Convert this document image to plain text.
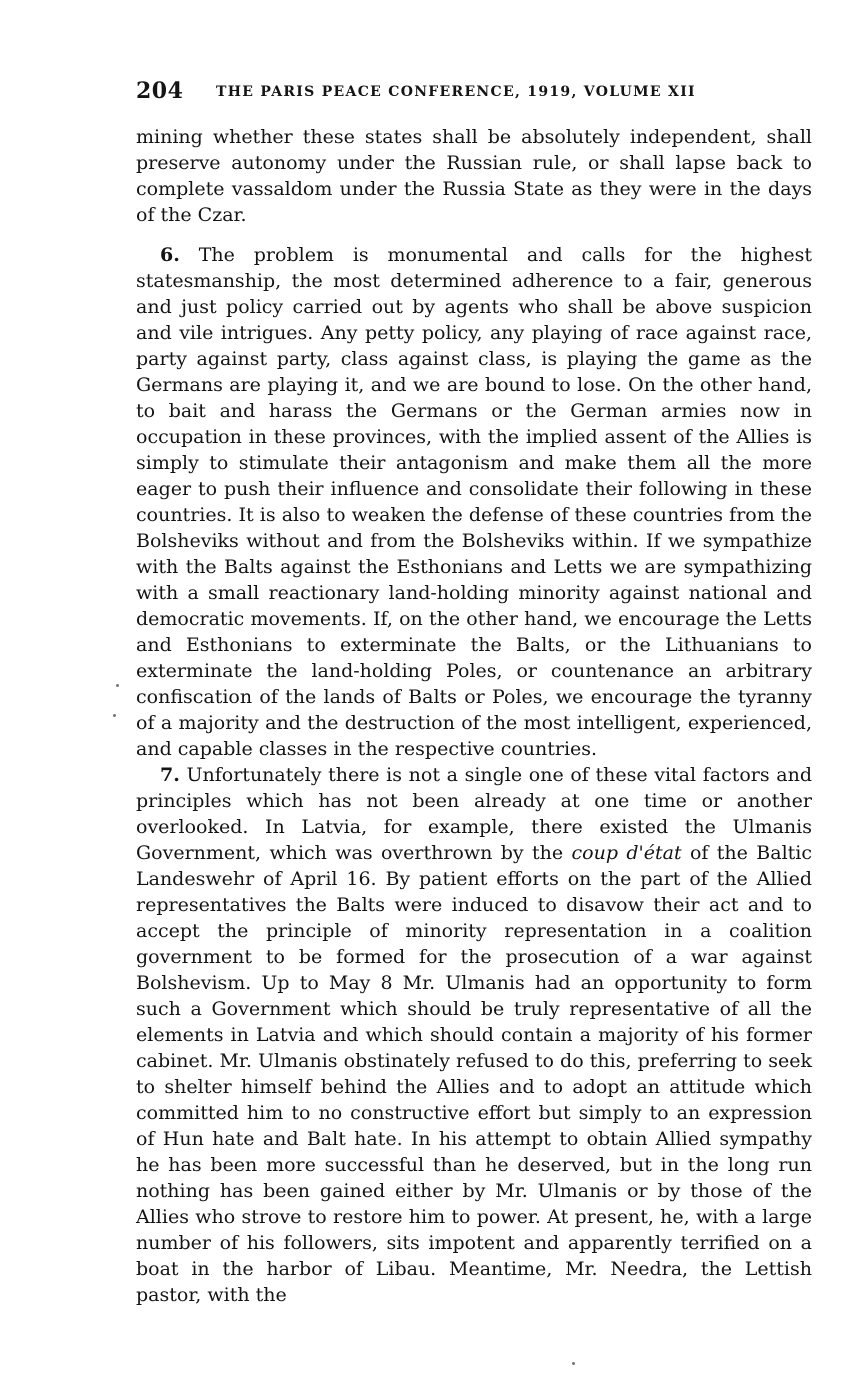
204 THE PARIS PEACE CONFERENCE, 1919, VOLUME XII

mining whether these states shall be absolutely independent, shall preserve autonomy under the Russian rule, or shall lapse back to complete vassaldom under the Russia State as they were in the days of the Czar.

6. The problem is monumental and calls for the highest statesmanship, the most determined adherence to a fair, generous and just policy carried out by agents who shall be above suspicion and vile intrigues. Any petty policy, any playing of race against race, party against party, class against class, is playing the game as the Germans are playing it, and we are bound to lose. On the other hand, to bait and harass the Germans or the German armies now in occupation in these provinces, with the implied assent of the Allies is simply to stimulate their antagonism and make them all the more eager to push their influence and consolidate their following in these countries. It is also to weaken the defense of these countries from the Bolsheviks without and from the Bolsheviks within. If we sympathize with the Balts against the Esthonians and Letts we are sympathizing with a small reactionary land-holding minority against national and democratic movements. If, on the other hand, we encourage the Letts and Esthonians to exterminate the Balts, or the Lithuanians to exterminate the land-holding Poles, or countenance an arbitrary confiscation of the lands of Balts or Poles, we encourage the tyranny of a majority and the destruction of the most intelligent, experienced, and capable classes in the respective countries.

7. Unfortunately there is not a single one of these vital factors and principles which has not been already at one time or another overlooked. In Latvia, for example, there existed the Ulmanis Government, which was overthrown by the coup d'état of the Baltic Landeswehr of April 16. By patient efforts on the part of the Allied representatives the Balts were induced to disavow their act and to accept the principle of minority representation in a coalition government to be formed for the prosecution of a war against Bolshevism. Up to May 8 Mr. Ulmanis had an opportunity to form such a Government which should be truly representative of all the elements in Latvia and which should contain a majority of his former cabinet. Mr. Ulmanis obstinately refused to do this, preferring to seek to shelter himself behind the Allies and to adopt an attitude which committed him to no constructive effort but simply to an expression of Hun hate and Balt hate. In his attempt to obtain Allied sympathy he has been more successful than he deserved, but in the long run nothing has been gained either by Mr. Ulmanis or by those of the Allies who strove to restore him to power. At present, he, with a large number of his followers, sits impotent and apparently terrified on a boat in the harbor of Libau. Meantime, Mr. Needra, the Lettish pastor, with the
